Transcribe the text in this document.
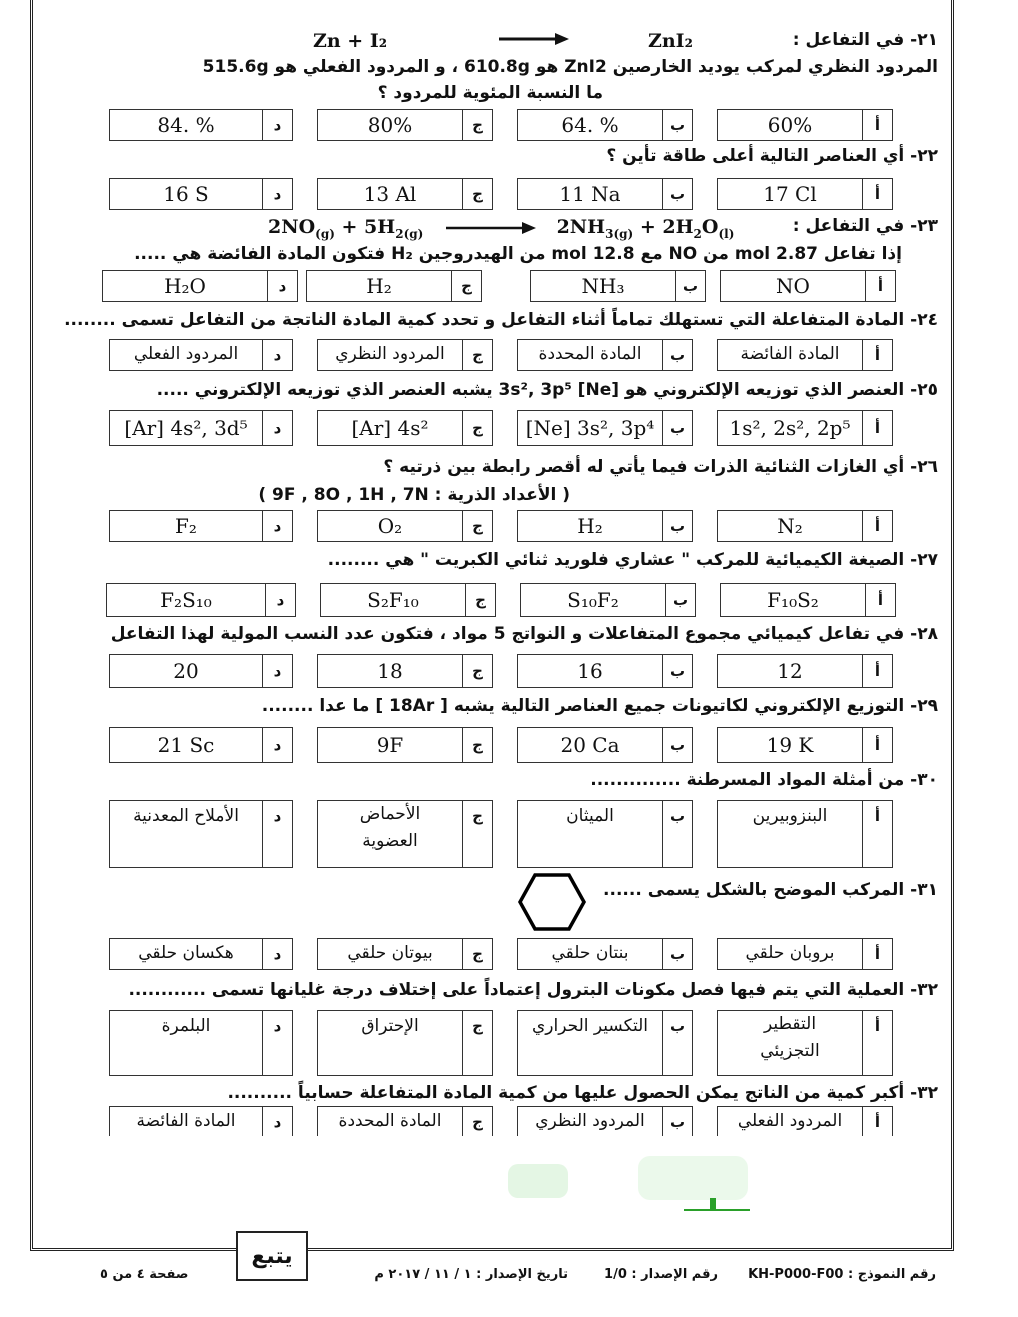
٢١- في التفاعل :
Zn + I₂	ZnI₂
المردود النظري لمركب يوديد الخارصين ZnI2 هو 610.8g ، و المردود الفعلي هو 515.6g
ما النسبة المئوية للمردود ؟
أ
60%
ب
64. %
ج
80%
د
84. %
٢٢- أي العناصر التالية أعلى طاقة تأين ؟
أ
17 Cl
ب
11 Na
ج
13 Al
د
16 S
٢٣- في التفاعل :
$2NO_{(g)} + 5H_{2(g)}$	$2NH_{3(g)} + 2H_2O_{(l)}$
إذا تفاعل 2.87 mol من NO مع 12.8 mol من الهيدروجين H₂ فتكون المادة الفائضة هي .....
أ
NO
ب
NH₃
ج
H₂
د
H₂O
٢٤- المادة المتفاعلة التي تستهلك تماماً أثناء التفاعل و تحدد كمية المادة الناتجة من التفاعل تسمى ........
أ
المادة الفائضة
ب
المادة المحددة
ج
المردود النظري
د
المردود الفعلي
٢٥- العنصر الذي توزيعه الإلكتروني هو [Ne] 3s², 3p⁵ يشبه العنصر الذي توزيعه الإلكتروني .....
أ
1s², 2s², 2p⁵
ب
[Ne] 3s², 3p⁴
ج
[Ar] 4s²
د
[Ar] 4s², 3d⁵
٢٦- أي الغازات الثنائية الذرات فيما يأتي له أقصر رابطة بين ذرتيه ؟
( الأعداد الذرية : 9F , 8O , 1H , 7N )
أ
N₂
ب
H₂
ج
O₂
د
F₂
٢٧- الصيغة الكيميائية للمركب " عشاري فلوريد ثنائي الكبريت " هي ........
أ
F₁₀S₂
ب
S₁₀F₂
ج
S₂F₁₀
د
F₂S₁₀
٢٨- في تفاعل كيميائي مجموع المتفاعلات و النواتج 5 مواد ، فتكون عدد النسب المولية لهذا التفاعل
أ
12
ب
16
ج
18
د
20
٢٩- التوزيع الإلكتروني لكاتيونات جميع العناصر التالية يشبه [ 18Ar ] ما عدا ........
أ
19 K
ب
20 Ca
ج
9F
د
21 Sc
٣٠- من أمثلة المواد المسرطنة ..............
أ
البنزوبيرين
ب
الميثان
ج
الأحماض العضوية
د
الأملاح المعدنية
٣١- المركب الموضح بالشكل يسمى ......
أ
بروبان حلقي
ب
بنتان حلقي
ج
بيوتان حلقي
د
هكسان حلقي
٣٢- العملية التي يتم فيها فصل مكونات البترول إعتماداً على إختلاف درجة غليانها تسمى ............
أ
التقطير التجزيئي
ب
التكسير الحراري
ج
الإحتراق
د
البلمرة
٣٢- أكبر كمية من الناتج يمكن الحصول عليها من كمية المادة المتفاعلة حسابياً ..........
أ
المردود الفعلي
ب
المردود النظري
ج
المادة المحددة
د
المادة الفائضة
يتبع
رقم النموذج : KH-P000-F00
رقم الإصدار : 1/0
تاريخ الإصدار : ١ / ١١ / ٢٠١٧ م
صفحة ٤ من ٥
